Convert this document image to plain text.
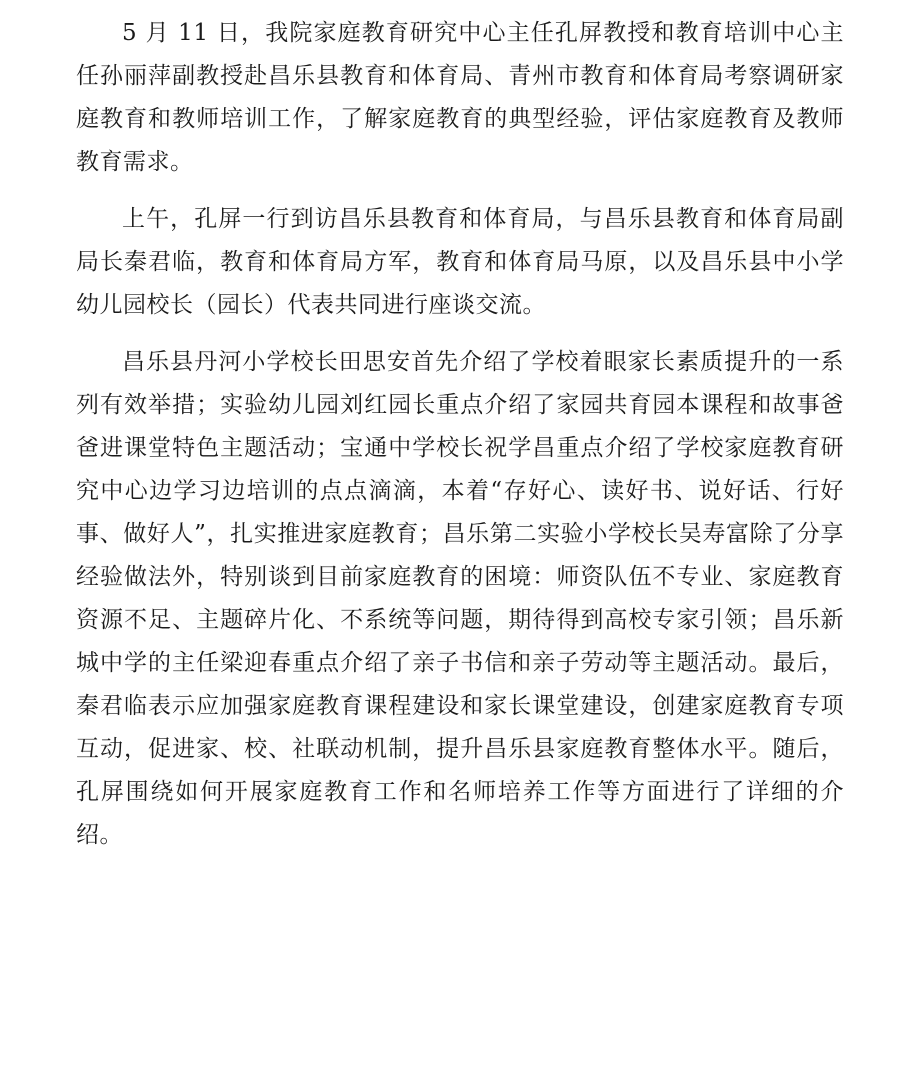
5 月 11 日，我院家庭教育研究中心主任孔屏教授和教育培训中心主任孙丽萍副教授赴昌乐县教育和体育局、青州市教育和体育局考察调研家庭教育和教师培训工作，了解家庭教育的典型经验，评估家庭教育及教师教育需求。

上午，孔屏一行到访昌乐县教育和体育局，与昌乐县教育和体育局副局长秦君临，教育和体育局方军，教育和体育局马原，以及昌乐县中小学幼儿园校长（园长）代表共同进行座谈交流。

昌乐县丹河小学校长田思安首先介绍了学校着眼家长素质提升的一系列有效举措；实验幼儿园刘红园长重点介绍了家园共育园本课程和故事爸爸进课堂特色主题活动；宝通中学校长祝学昌重点介绍了学校家庭教育研究中心边学习边培训的点点滴滴，本着“存好心、读好书、说好话、行好事、做好人”，扎实推进家庭教育；昌乐第二实验小学校长吴寿富除了分享经验做法外，特别谈到目前家庭教育的困境：师资队伍不专业、家庭教育资源不足、主题碎片化、不系统等问题，期待得到高校专家引领；昌乐新城中学的主任梁迎春重点介绍了亲子书信和亲子劳动等主题活动。最后，秦君临表示应加强家庭教育课程建设和家长课堂建设，创建家庭教育专项互动，促进家、校、社联动机制，提升昌乐县家庭教育整体水平。随后，孔屏围绕如何开展家庭教育工作和名师培养工作等方面进行了详细的介绍。
